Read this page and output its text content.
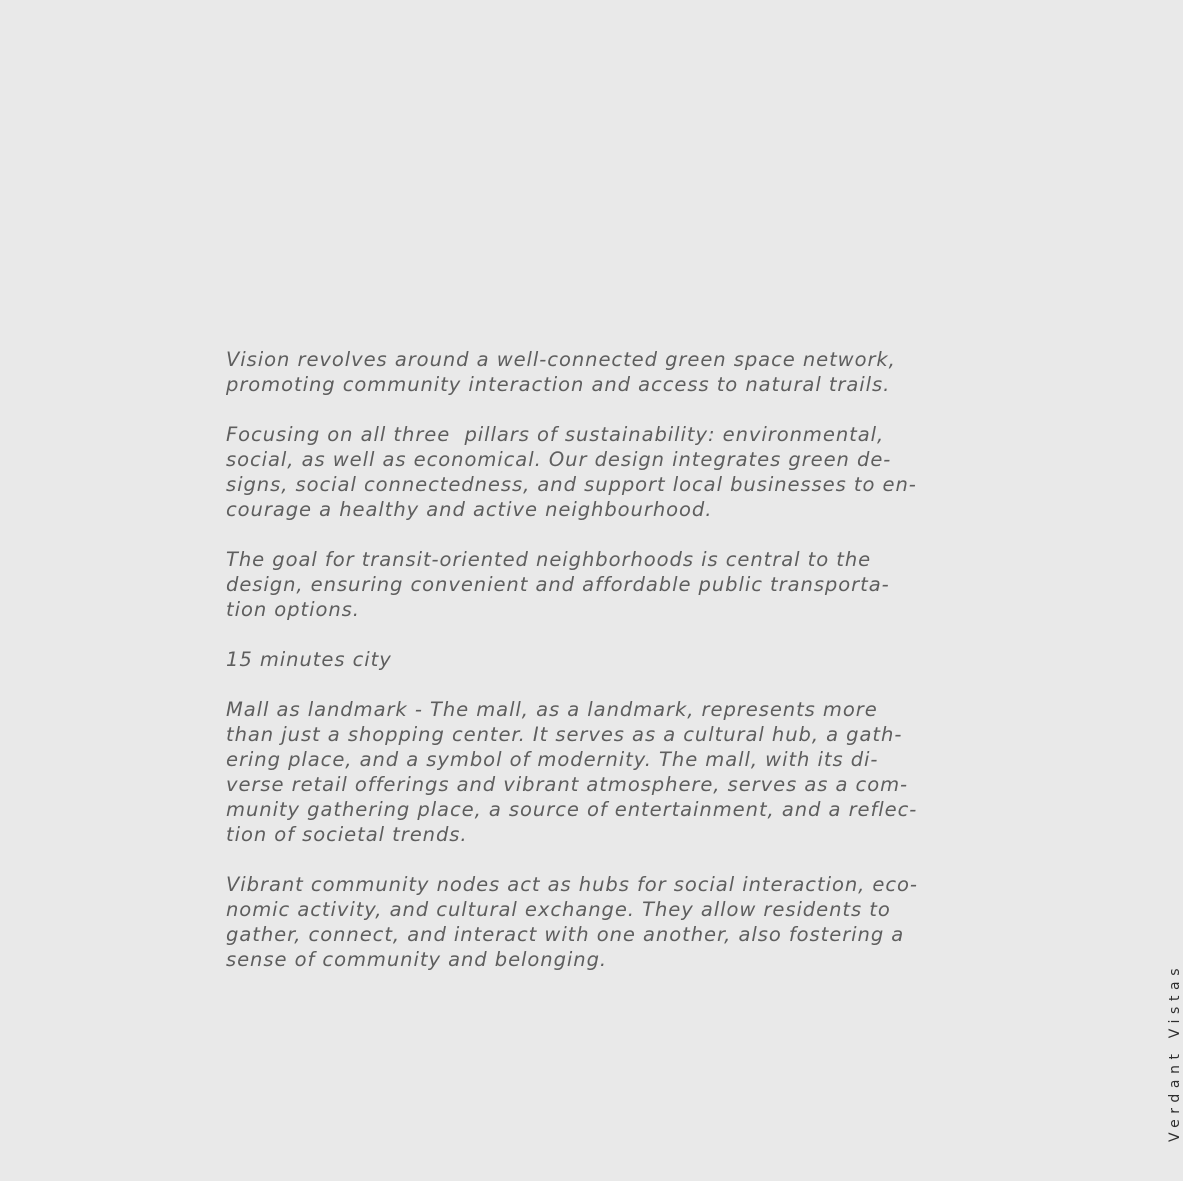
Vision revolves around a well-connected green space network,
promoting community interaction and access to natural trails.

Focusing on all three  pillars of sustainability: environmental,
social, as well as economical. Our design integrates green de-
signs, social connectedness, and support local businesses to en-
courage a healthy and active neighbourhood.

The goal for transit-oriented neighborhoods is central to the
design, ensuring convenient and affordable public transporta-
tion options.

15 minutes city

Mall as landmark - The mall, as a landmark, represents more
than just a shopping center. It serves as a cultural hub, a gath-
ering place, and a symbol of modernity. The mall, with its di-
verse retail offerings and vibrant atmosphere, serves as a com-
munity gathering place, a source of entertainment, and a reflec-
tion of societal trends.

Vibrant community nodes act as hubs for social interaction, eco-
nomic activity, and cultural exchange. They allow residents to
gather, connect, and interact with one another, also fostering a
sense of community and belonging.

Verdant Vistas
